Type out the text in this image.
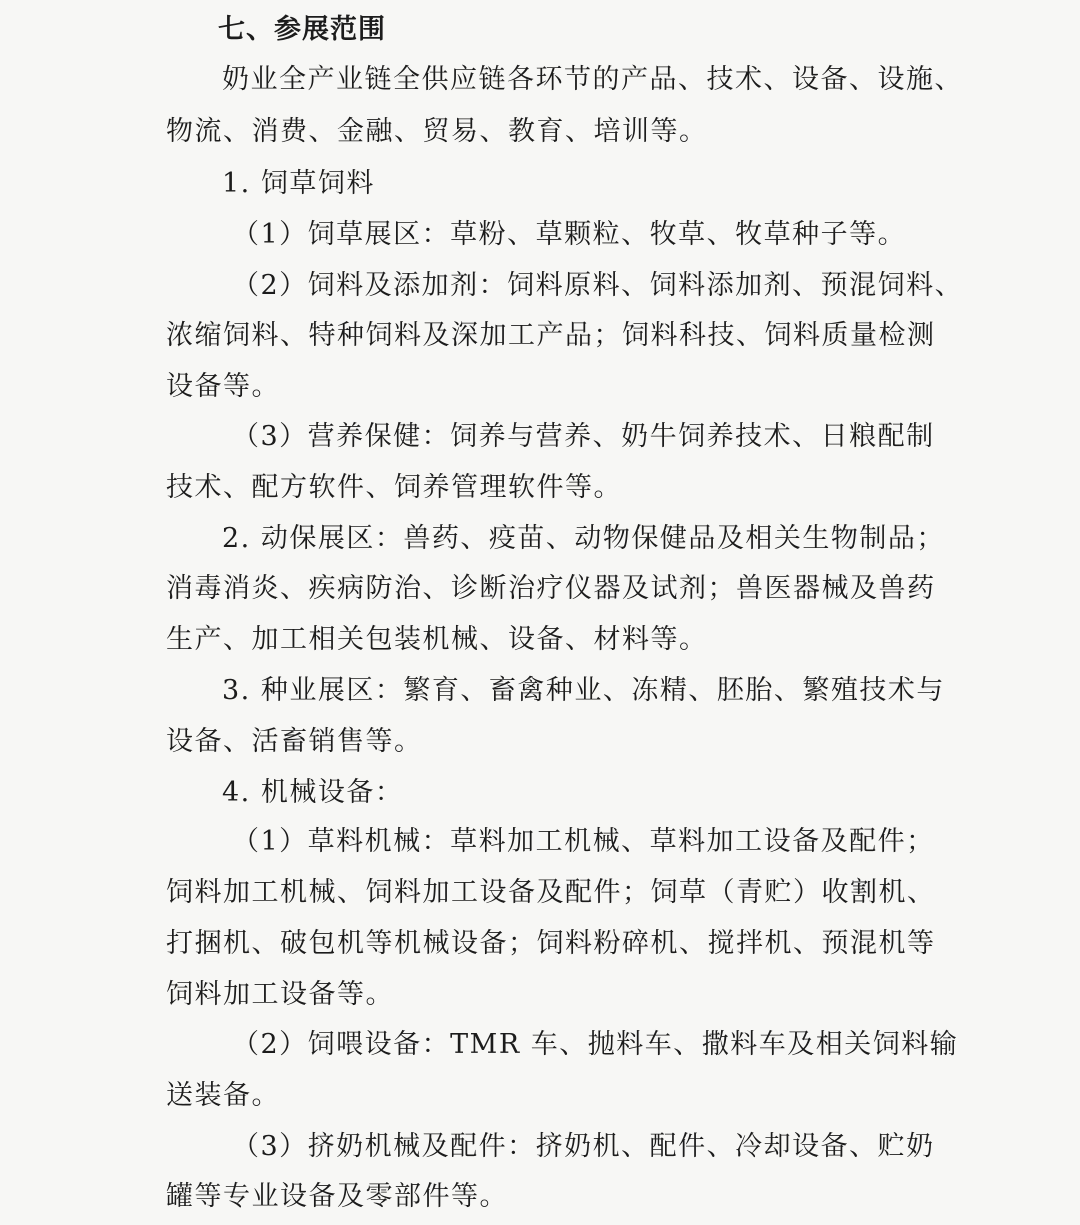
七、参展范围
奶业全产业链全供应链各环节的产品、技术、设备、设施、
物流、消费、金融、贸易、教育、培训等。
1. 饲草饲料
（1）饲草展区：草粉、草颗粒、牧草、牧草种子等。
（2）饲料及添加剂：饲料原料、饲料添加剂、预混饲料、
浓缩饲料、特种饲料及深加工产品；饲料科技、饲料质量检测
设备等。
（3）营养保健：饲养与营养、奶牛饲养技术、日粮配制
技术、配方软件、饲养管理软件等。
2. 动保展区：兽药、疫苗、动物保健品及相关生物制品；
消毒消炎、疾病防治、诊断治疗仪器及试剂；兽医器械及兽药
生产、加工相关包装机械、设备、材料等。
3. 种业展区：繁育、畜禽种业、冻精、胚胎、繁殖技术与
设备、活畜销售等。
4. 机械设备：
（1）草料机械：草料加工机械、草料加工设备及配件；
饲料加工机械、饲料加工设备及配件；饲草（青贮）收割机、
打捆机、破包机等机械设备；饲料粉碎机、搅拌机、预混机等
饲料加工设备等。
（2）饲喂设备：TMR 车、抛料车、撒料车及相关饲料输
送装备。
（3）挤奶机械及配件：挤奶机、配件、冷却设备、贮奶
罐等专业设备及零部件等。
